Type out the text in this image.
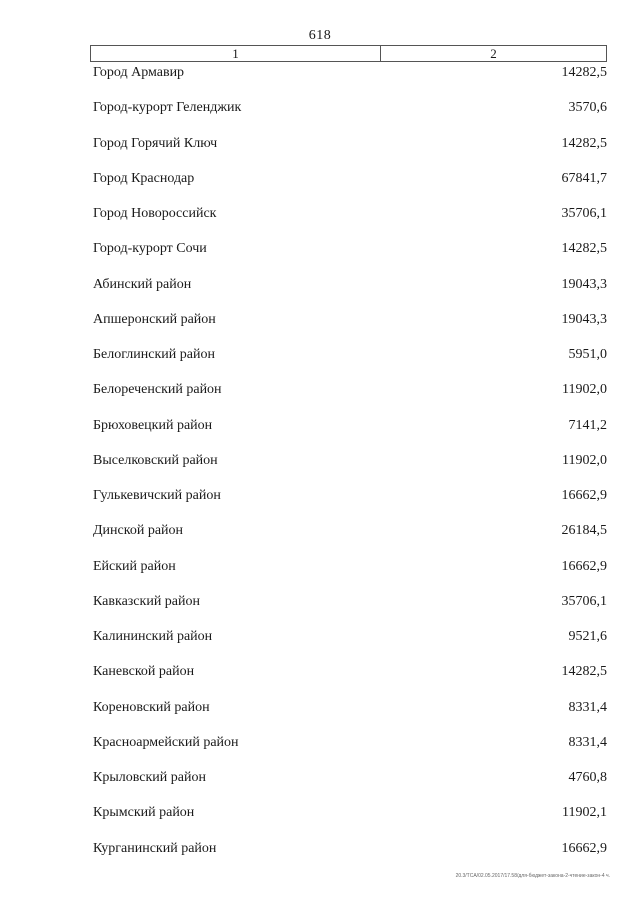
618
1	2
Город Армавир	14282,5
Город-курорт Геленджик	3570,6
Город Горячий Ключ	14282,5
Город Краснодар	67841,7
Город Новороссийск	35706,1
Город-курорт Сочи	14282,5
Абинский район	19043,3
Апшеронский район	19043,3
Белоглинский район	5951,0
Белореченский район	11902,0
Брюховецкий район	7141,2
Выселковский район	11902,0
Гулькевичский район	16662,9
Динской район	26184,5
Ейский район	16662,9
Кавказский район	35706,1
Калининский район	9521,6
Каневской район	14282,5
Кореновский район	8331,4
Красноармейский район	8331,4
Крыловский район	4760,8
Крымский район	11902,1
Курганинский район	16662,9
20.3/TCA/02.05.2017/17.58/для-бюджет-закона-2-чтение-закон-4 ч.
